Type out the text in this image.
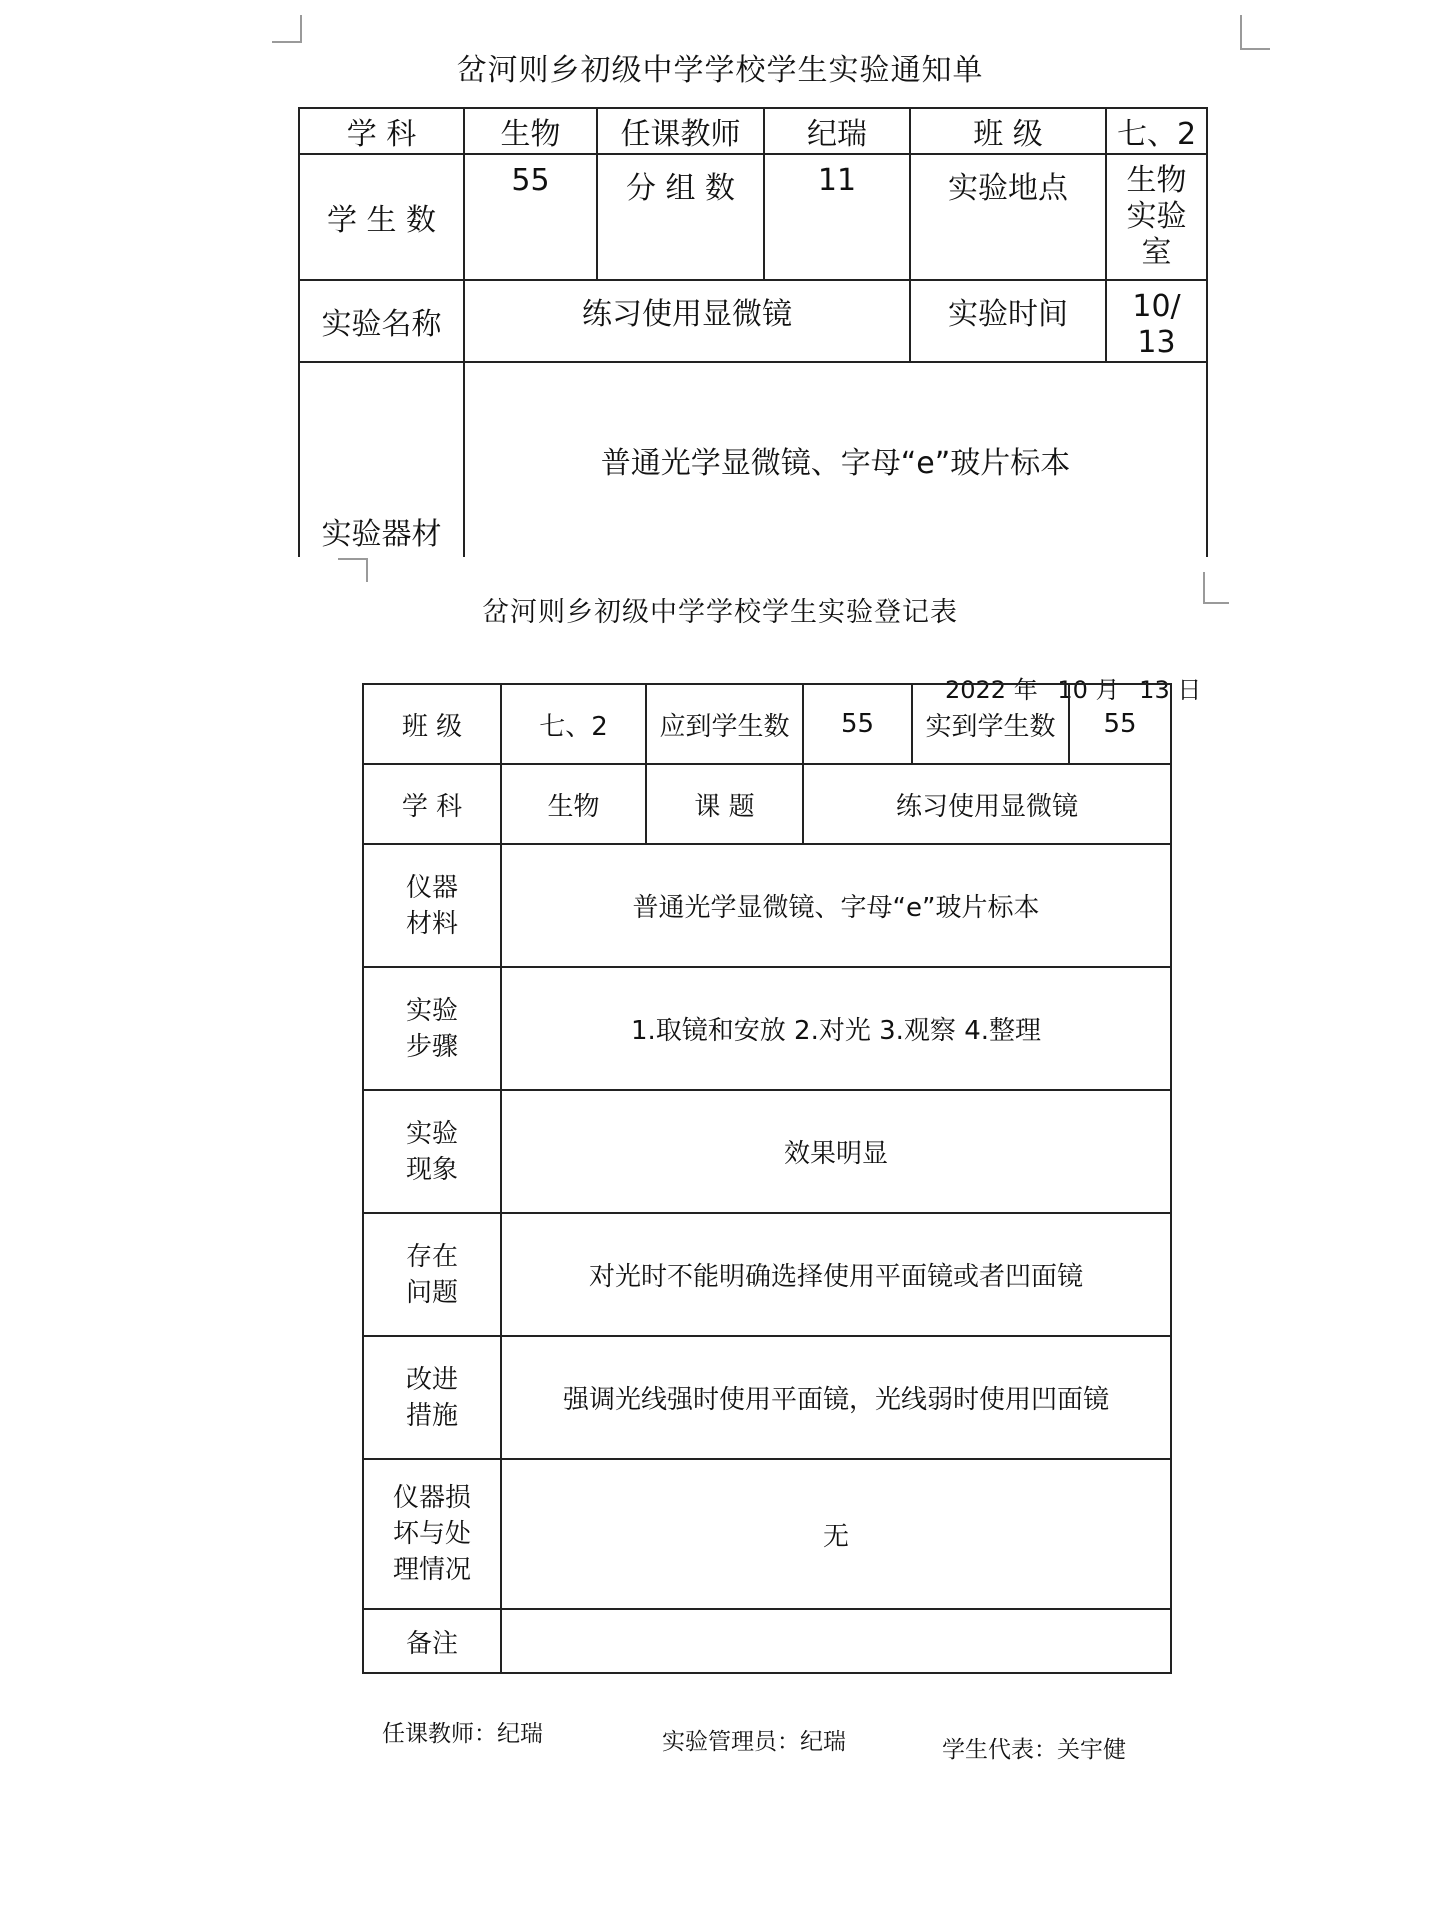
岔河则乡初级中学学校学生实验通知单
学 科	生物	任课教师	纪瑞	班 级	七、2
学 生 数	55	分 组 数	11	实验地点	生物实验室
实验名称	练习使用显微镜			实验时间	10/13
实验器材	普通光学显微镜、字母“e”玻片标本				
岔河则乡初级中学学校学生实验登记表
2022 年 10 月 13 日
班 级	七、2	应到学生数	55	实到学生数	55
学 科	生物	课 题	练习使用显微镜		
仪器材料	普通光学显微镜、字母“e”玻片标本				
实验步骤	1.取镜和安放 2.对光 3.观察 4.整理				
实验现象	效果明显				
存在问题	对光时不能明确选择使用平面镜或者凹面镜				
改进措施	强调光线强时使用平面镜，光线弱时使用凹面镜				
仪器损坏与处理情况	无				
备注					
任课教师：纪瑞	实验管理员：纪瑞	学生代表：关宇健
